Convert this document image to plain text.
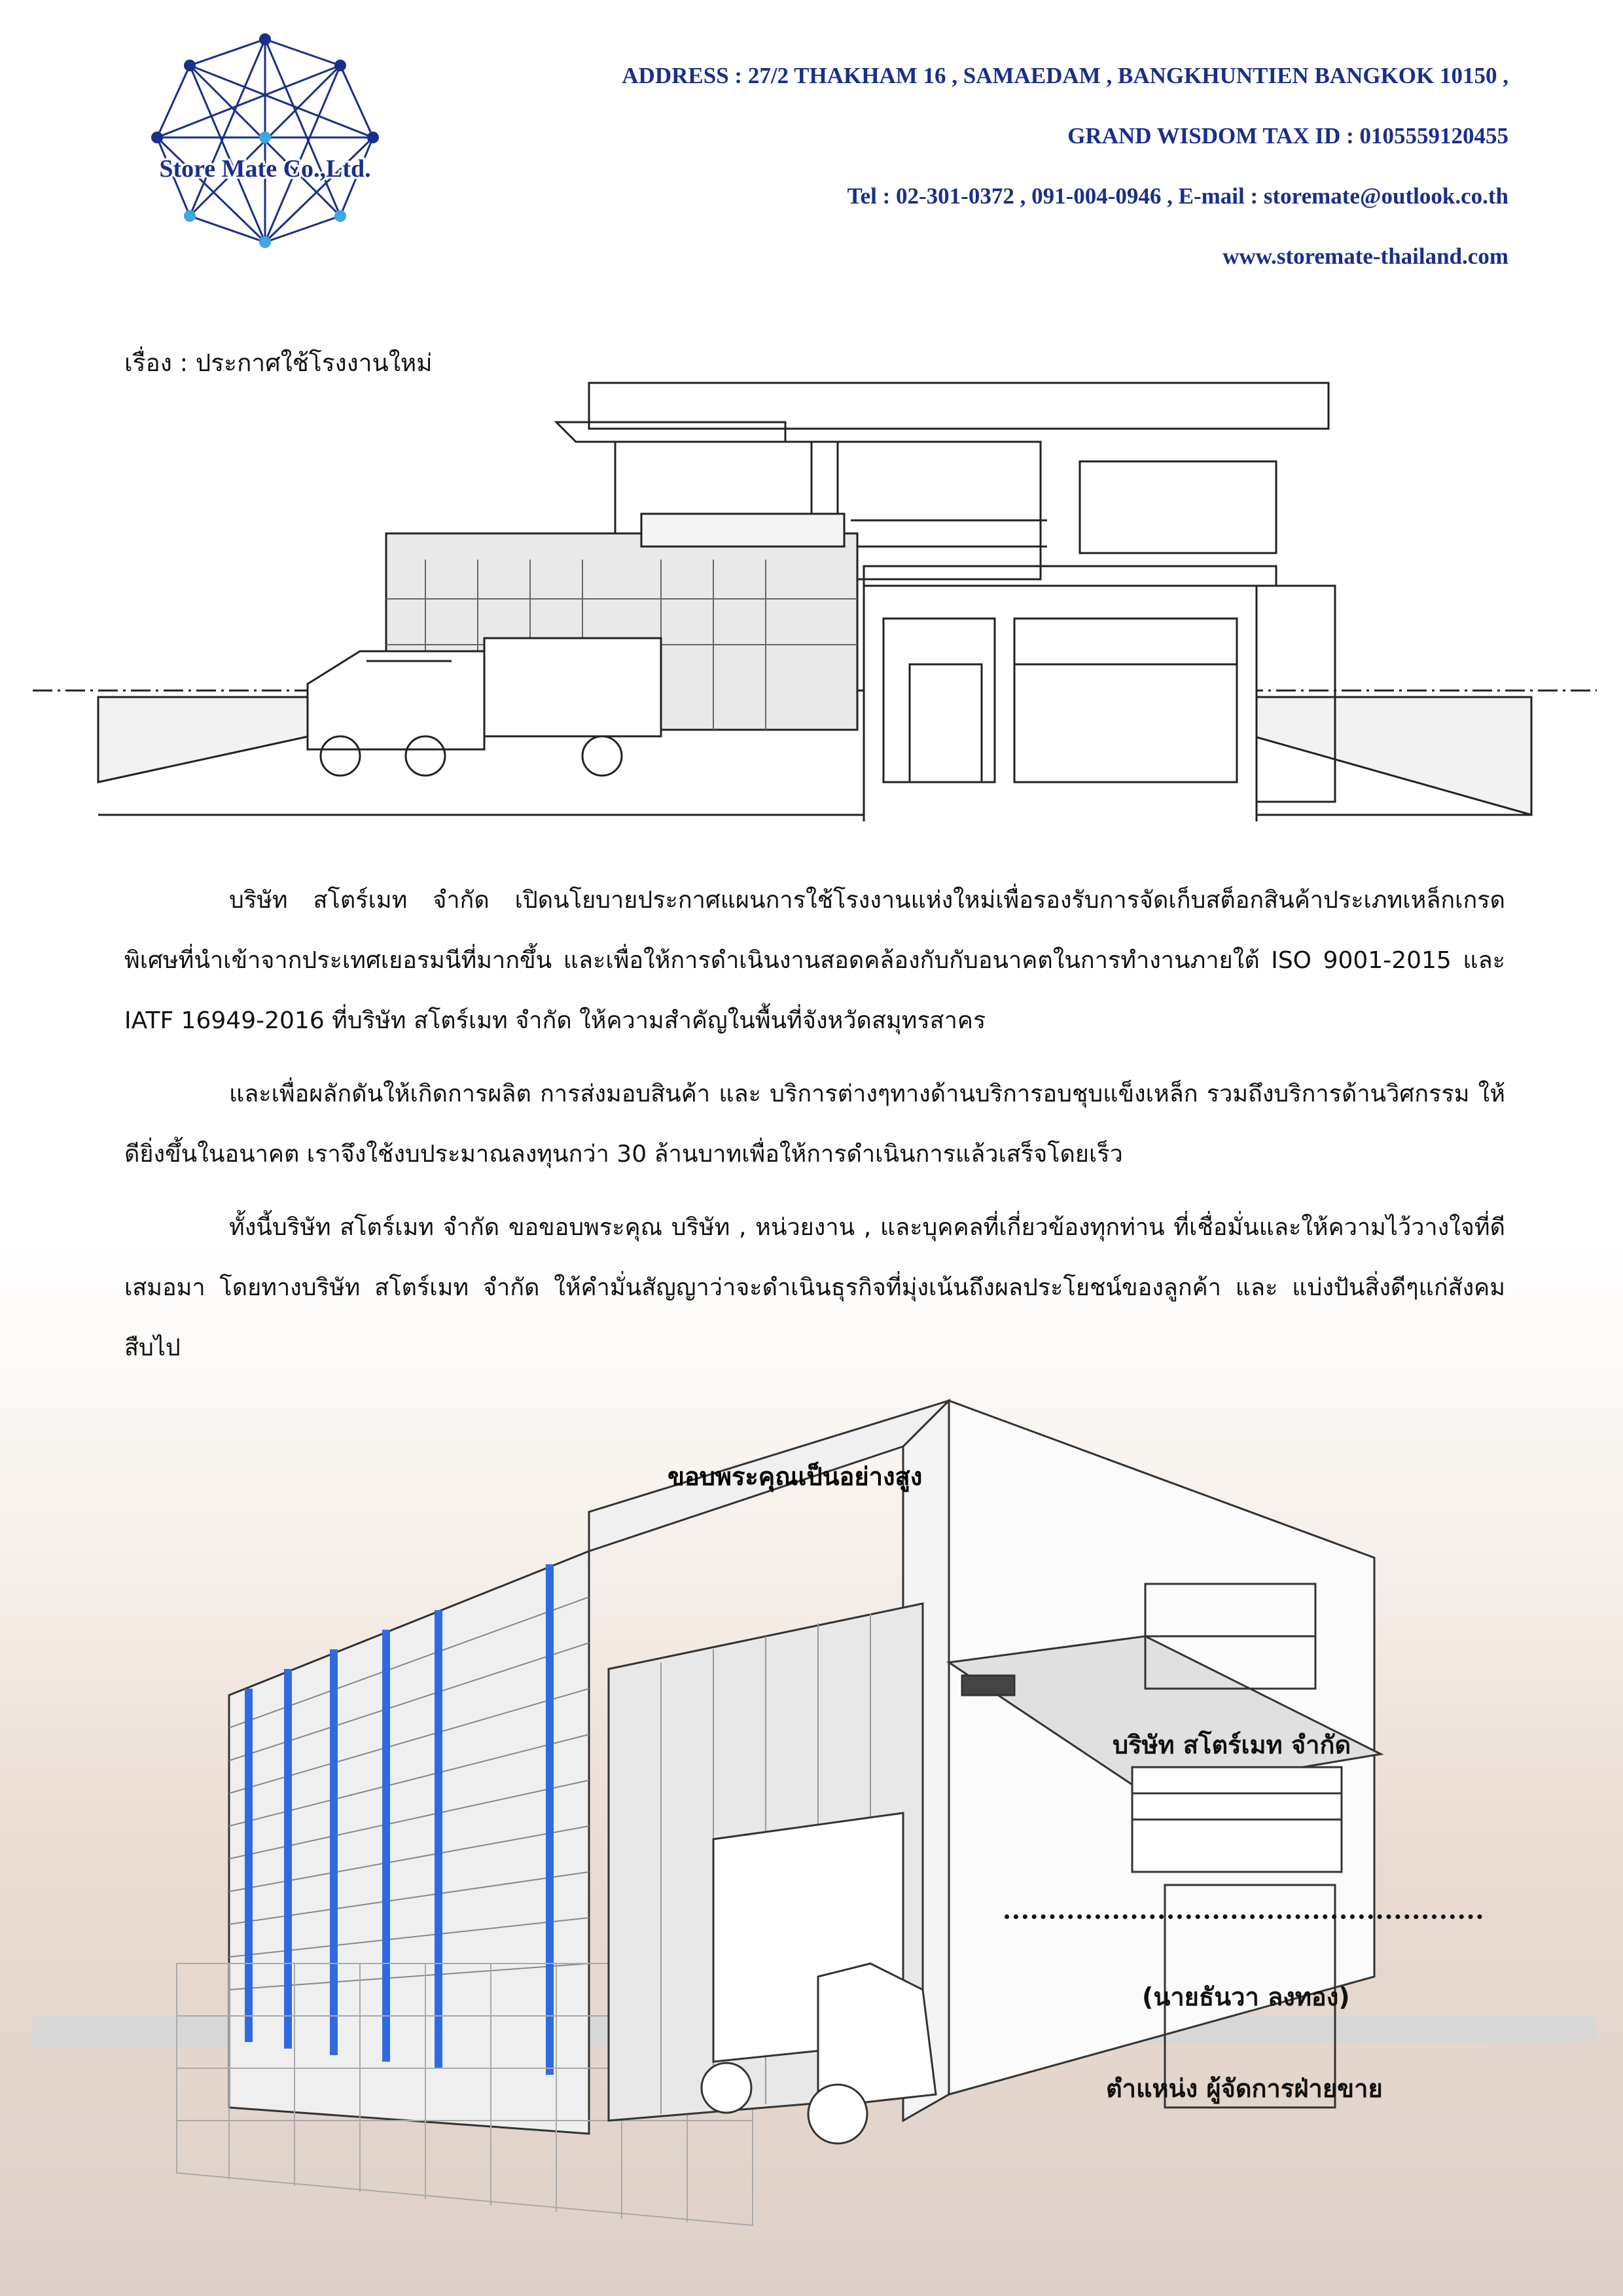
Store Mate Co.,Ltd.
ADDRESS : 27/2 THAKHAM 16 , SAMAEDAM , BANGKHUNTIEN BANGKOK 10150 ,
GRAND WISDOM TAX ID : 0105559120455
Tel : 02-301-0372 , 091-004-0946 , E-mail : storemate@outlook.co.th
www.storemate-thailand.com
เรื่อง : ประกาศใช้โรงงานใหม่

บริษัท สโตร์เมท จำกัด เปิดนโยบายประกาศแผนการใช้โรงงานแห่งใหม่เพื่อรองรับการจัดเก็บสต็อกสินค้าประเภทเหล็กเกรดพิเศษที่นำเข้าจากประเทศเยอรมนีที่มากขึ้น และเพื่อให้การดำเนินงานสอดคล้องกับกับอนาคตในการทำงานภายใต้ ISO 9001-2015 และ IATF 16949-2016 ที่บริษัท สโตร์เมท จำกัด ให้ความสำคัญในพื้นที่จังหวัดสมุทรสาคร

และเพื่อผลักดันให้เกิดการผลิต การส่งมอบสินค้า และ บริการต่างๆทางด้านบริการอบชุบแข็งเหล็ก รวมถึงบริการด้านวิศกรรม ให้ดียิ่งขึ้นในอนาคต เราจึงใช้งบประมาณลงทุนกว่า 30 ล้านบาทเพื่อให้การดำเนินการแล้วเสร็จโดยเร็ว

ทั้งนี้บริษัท สโตร์เมท จำกัด ขอขอบพระคุณ บริษัท , หน่วยงาน , และบุคคลที่เกี่ยวข้องทุกท่าน ที่เชื่อมั่นและให้ความไว้วางใจที่ดีเสมอมา โดยทางบริษัท สโตร์เมท จำกัด ให้คำมั่นสัญญาว่าจะดำเนินธุรกิจที่มุ่งเน้นถึงผลประโยชน์ของลูกค้า และ แบ่งปันสิ่งดีๆแก่สังคมสืบไป

ขอบพระคุณเป็นอย่างสูง
บริษัท สโตร์เมท จำกัด
(นายธันวา ลงทอง)
ตำแหน่ง ผู้จัดการฝ่ายขาย
